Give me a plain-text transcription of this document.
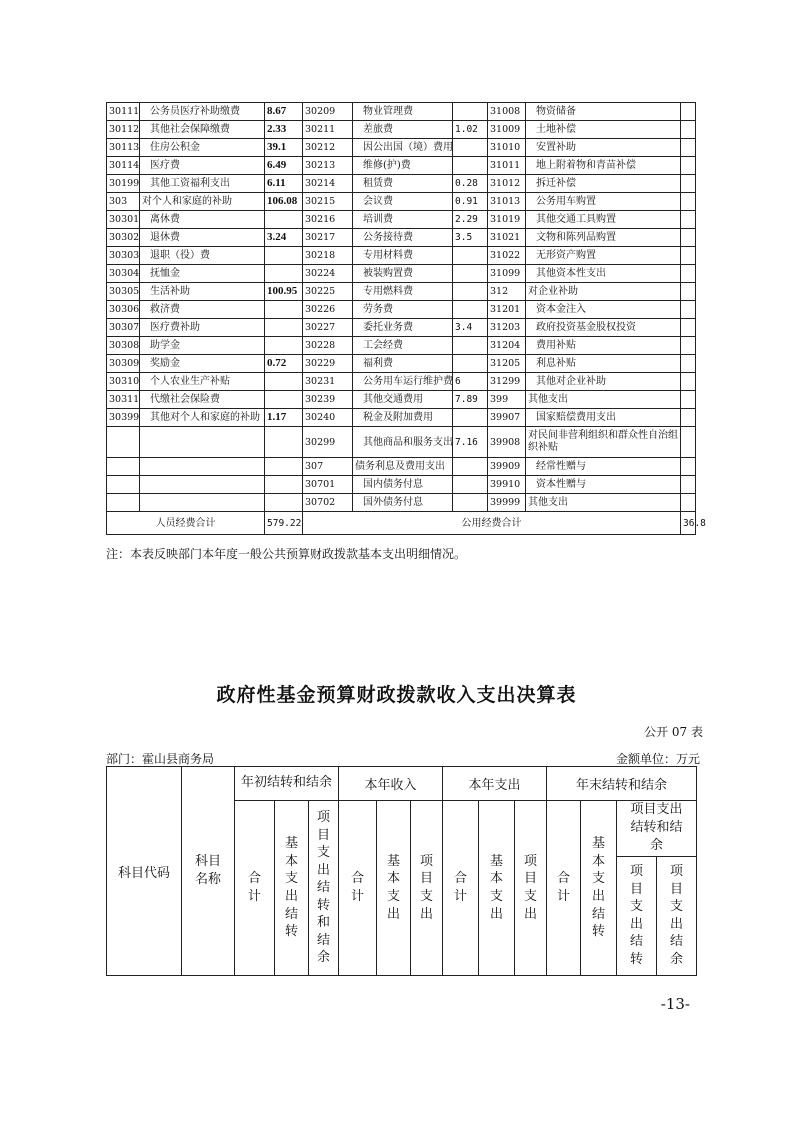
30111	公务员医疗补助缴费	8.67	30209	物业管理费		31008	物资储备	
30112	其他社会保障缴费	2.33	30211	差旅费	1.02	31009	土地补偿	
30113	住房公积金	39.1	30212	因公出国（境）费用		31010	安置补助	
30114	医疗费	6.49	30213	维修(护)费		31011	地上附着物和青苗补偿	
30199	其他工资福利支出	6.11	30214	租赁费	0.28	31012	拆迁补偿	
303	对个人和家庭的补助	106.08	30215	会议费	0.91	31013	公务用车购置	
30301	离休费		30216	培训费	2.29	31019	其他交通工具购置	
30302	退休费	3.24	30217	公务接待费	3.5	31021	文物和陈列品购置	
30303	退职（役）费		30218	专用材料费		31022	无形资产购置	
30304	抚恤金		30224	被装购置费		31099	其他资本性支出	
30305	生活补助	100.95	30225	专用燃料费		312	对企业补助	
30306	救济费		30226	劳务费		31201	资本金注入	
30307	医疗费补助		30227	委托业务费	3.4	31203	政府投资基金股权投资	
30308	助学金		30228	工会经费		31204	费用补贴	
30309	奖励金	0.72	30229	福利费		31205	利息补贴	
30310	个人农业生产补贴		30231	公务用车运行维护费	6	31299	其他对企业补助	
30311	代缴社会保险费		30239	其他交通费用	7.89	399	其他支出	
30399	其他对个人和家庭的补助	1.17	30240	税金及附加费用		39907	国家赔偿费用支出	
			30299	其他商品和服务支出	7.16	39908	对民间非营利组织和群众性自治组织补贴	
			307	债务利息及费用支出		39909	经常性赠与	
			30701	国内债务付息		39910	资本性赠与	
			30702	国外债务付息		39999	其他支出	
人员经费合计		579.22	公用经费合计					36.8
注：本表反映部门本年度一般公共预算财政拨款基本支出明细情况。
政府性基金预算财政拨款收入支出决算表
公开 07 表
部门：霍山县商务局	金额单位：万元
科目代码	科目名称	年初结转和结余			本年收入			本年支出			年末结转和结余			
		合计	基本支出结转	项目支出结转和结余	合计	基本支出	项目支出	合计	基本支出	项目支出	合计	基本支出结转	项目支出结转和结余	
													项目支出结转	项目支出结余
-13-
